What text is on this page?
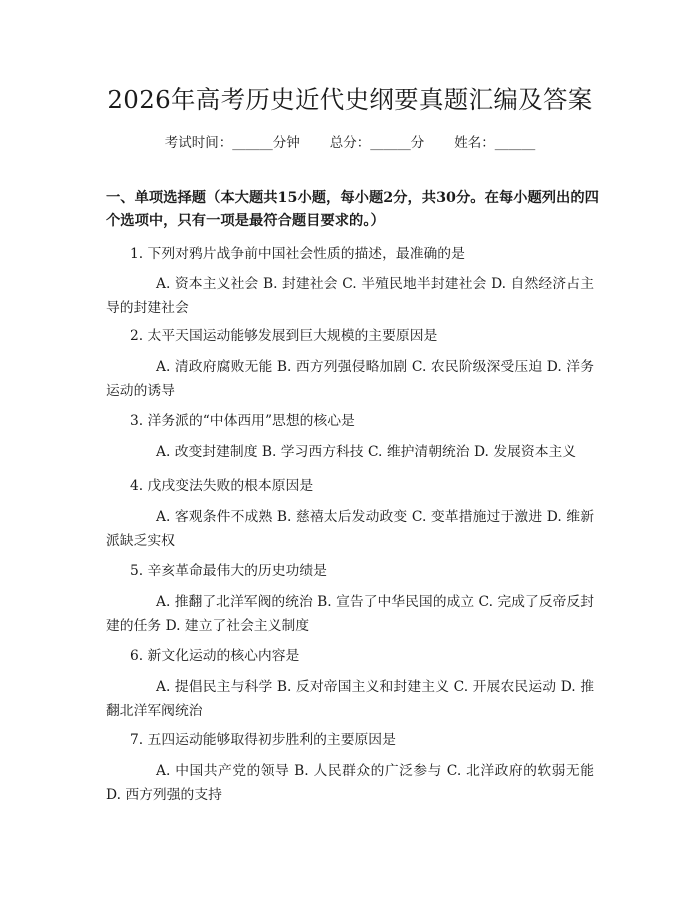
2026年高考历史近代史纲要真题汇编及答案
考试时间：______分钟 总分：______分 姓名：______
一、单项选择题（本大题共15小题，每小题2分，共30分。在每小题列出的四个选项中，只有一项是最符合题目要求的。）
1. 下列对鸦片战争前中国社会性质的描述，最准确的是
A. 资本主义社会 B. 封建社会 C. 半殖民地半封建社会 D. 自然经济占主导的封建社会
2. 太平天国运动能够发展到巨大规模的主要原因是
A. 清政府腐败无能 B. 西方列强侵略加剧 C. 农民阶级深受压迫 D. 洋务运动的诱导
3. 洋务派的“中体西用”思想的核心是
A. 改变封建制度 B. 学习西方科技 C. 维护清朝统治 D. 发展资本主义
4. 戊戌变法失败的根本原因是
A. 客观条件不成熟 B. 慈禧太后发动政变 C. 变革措施过于激进 D. 维新派缺乏实权
5. 辛亥革命最伟大的历史功绩是
A. 推翻了北洋军阀的统治 B. 宣告了中华民国的成立 C. 完成了反帝反封建的任务 D. 建立了社会主义制度
6. 新文化运动的核心内容是
A. 提倡民主与科学 B. 反对帝国主义和封建主义 C. 开展农民运动 D. 推翻北洋军阀统治
7. 五四运动能够取得初步胜利的主要原因是
A. 中国共产党的领导 B. 人民群众的广泛参与 C. 北洋政府的软弱无能 D. 西方列强的支持
